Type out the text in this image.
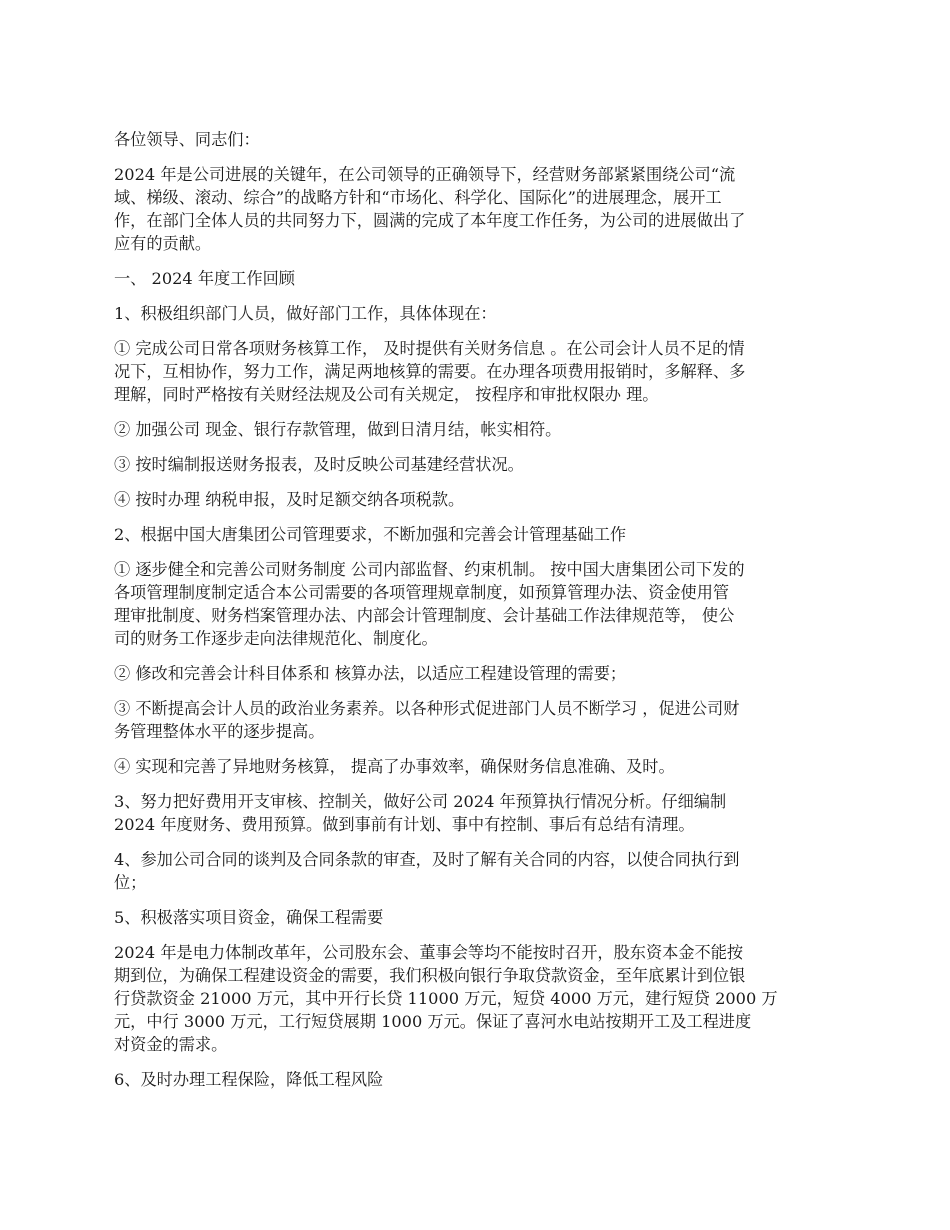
各位领导、同志们：

2024 年是公司进展的关键年，在公司领导的正确领导下，经营财务部紧紧围绕公司“流
域、梯级、滚动、综合”的战略方针和“市场化、科学化、国际化”的进展理念，展开工
作，在部门全体人员的共同努力下，圆满的完成了本年度工作任务，为公司的进展做出了
应有的贡献。

一、 2024 年度工作回顾

1、积极组织部门人员，做好部门工作，具体体现在：

① 完成公司日常各项财务核算工作， 及时提供有关财务信息 。在公司会计人员不足的情
况下，互相协作，努力工作，满足两地核算的需要。在办理各项费用报销时，多解释、多
理解，同时严格按有关财经法规及公司有关规定， 按程序和审批权限办 理。

② 加强公司 现金、银行存款管理，做到日清月结，帐实相符。

③ 按时编制报送财务报表，及时反映公司基建经营状况。

④ 按时办理 纳税申报，及时足额交纳各项税款。

2、根据中国大唐集团公司管理要求，不断加强和完善会计管理基础工作

① 逐步健全和完善公司财务制度 公司内部监督、约束机制。 按中国大唐集团公司下发的
各项管理制度制定适合本公司需要的各项管理规章制度，如预算管理办法、资金使用管
理审批制度、财务档案管理办法、内部会计管理制度、会计基础工作法律规范等， 使公
司的财务工作逐步走向法律规范化、制度化。

② 修改和完善会计科目体系和 核算办法，以适应工程建设管理的需要；

③ 不断提高会计人员的政治业务素养。以各种形式促进部门人员不断学习 ，促进公司财
务管理整体水平的逐步提高。

④ 实现和完善了异地财务核算， 提高了办事效率，确保财务信息准确、及时。

3、努力把好费用开支审核、控制关，做好公司 2024 年预算执行情况分析。仔细编制
2024 年度财务、费用预算。做到事前有计划、事中有控制、事后有总结有清理。

4、参加公司合同的谈判及合同条款的审查，及时了解有关合同的内容，以使合同执行到
位；

5、积极落实项目资金，确保工程需要

2024 年是电力体制改革年，公司股东会、董事会等均不能按时召开，股东资本金不能按
期到位，为确保工程建设资金的需要，我们积极向银行争取贷款资金，至年底累计到位银
行贷款资金 21000 万元，其中开行长贷 11000 万元，短贷 4000 万元，建行短贷 2000 万
元，中行 3000 万元，工行短贷展期 1000 万元。保证了喜河水电站按期开工及工程进度
对资金的需求。

6、及时办理工程保险，降低工程风险
